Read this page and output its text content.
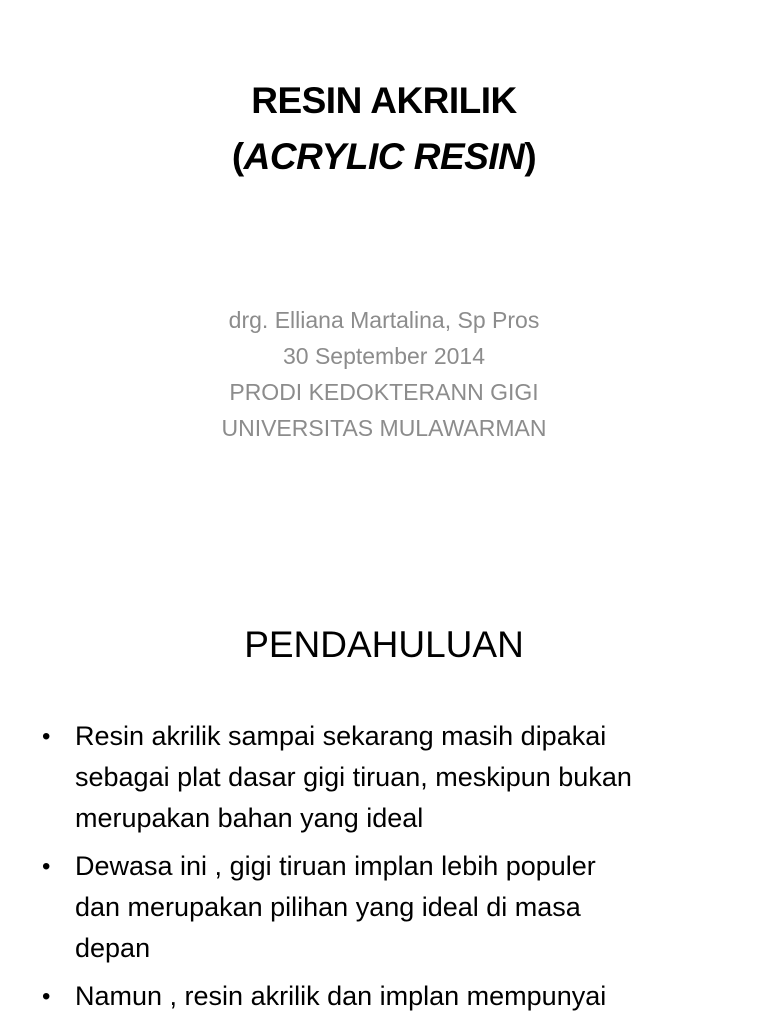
RESIN AKRILIK
(ACRYLIC RESIN)
drg. Elliana Martalina, Sp Pros
30 September 2014
PRODI KEDOKTERANN GIGI
UNIVERSITAS MULAWARMAN
PENDAHULUAN
• Resin akrilik sampai sekarang masih dipakai
sebagai plat dasar gigi tiruan, meskipun bukan
merupakan bahan yang ideal
• Dewasa ini , gigi tiruan implan lebih populer
dan merupakan pilihan yang ideal di masa
depan
• Namun , resin akrilik dan implan mempunyai
